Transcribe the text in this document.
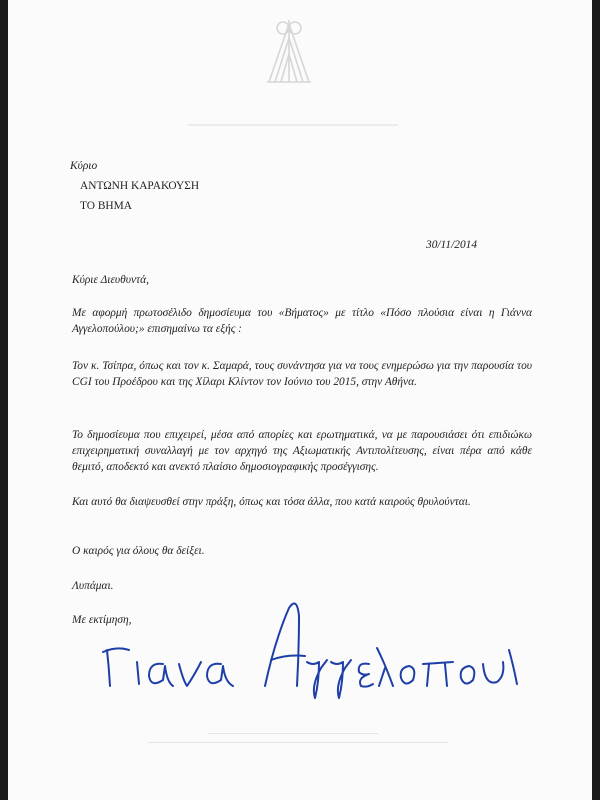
Κύριο
ΑΝΤΩΝΗ ΚΑΡΑΚΟΥΣΗ
ΤΟ ΒΗΜΑ
30/11/2014
Κύριε Διευθυντά,
Με αφορμή πρωτοσέλιδο δημοσίευμα του «Βήματος» με τίτλο «Πόσο πλούσια είναι η Γιάννα Αγγελοπούλου;» επισημαίνω τα εξής :
Τον κ. Τσίπρα, όπως και τον κ. Σαμαρά, τους συνάντησα για να τους ενημερώσω για την παρουσία του CGI του Προέδρου και της Χίλαρι Κλίντον τον Ιούνιο του 2015, στην Αθήνα.
Το δημοσίευμα που επιχειρεί, μέσα από απορίες και ερωτηματικά, να με παρουσιάσει ότι επιδιώκω επιχειρηματική συναλλαγή με τον αρχηγό της Αξιωματικής Αντιπολίτευσης, είναι πέρα από κάθε θεμιτό, αποδεκτό και ανεκτό πλαίσιο δημοσιογραφικής προσέγγισης.
Και αυτό θα διαψευσθεί στην πράξη, όπως και τόσα άλλα, που κατά καιρούς θρυλούνται.
Ο καιρός για όλους θα δείξει.
Λυπάμαι.
Με εκτίμηση,
